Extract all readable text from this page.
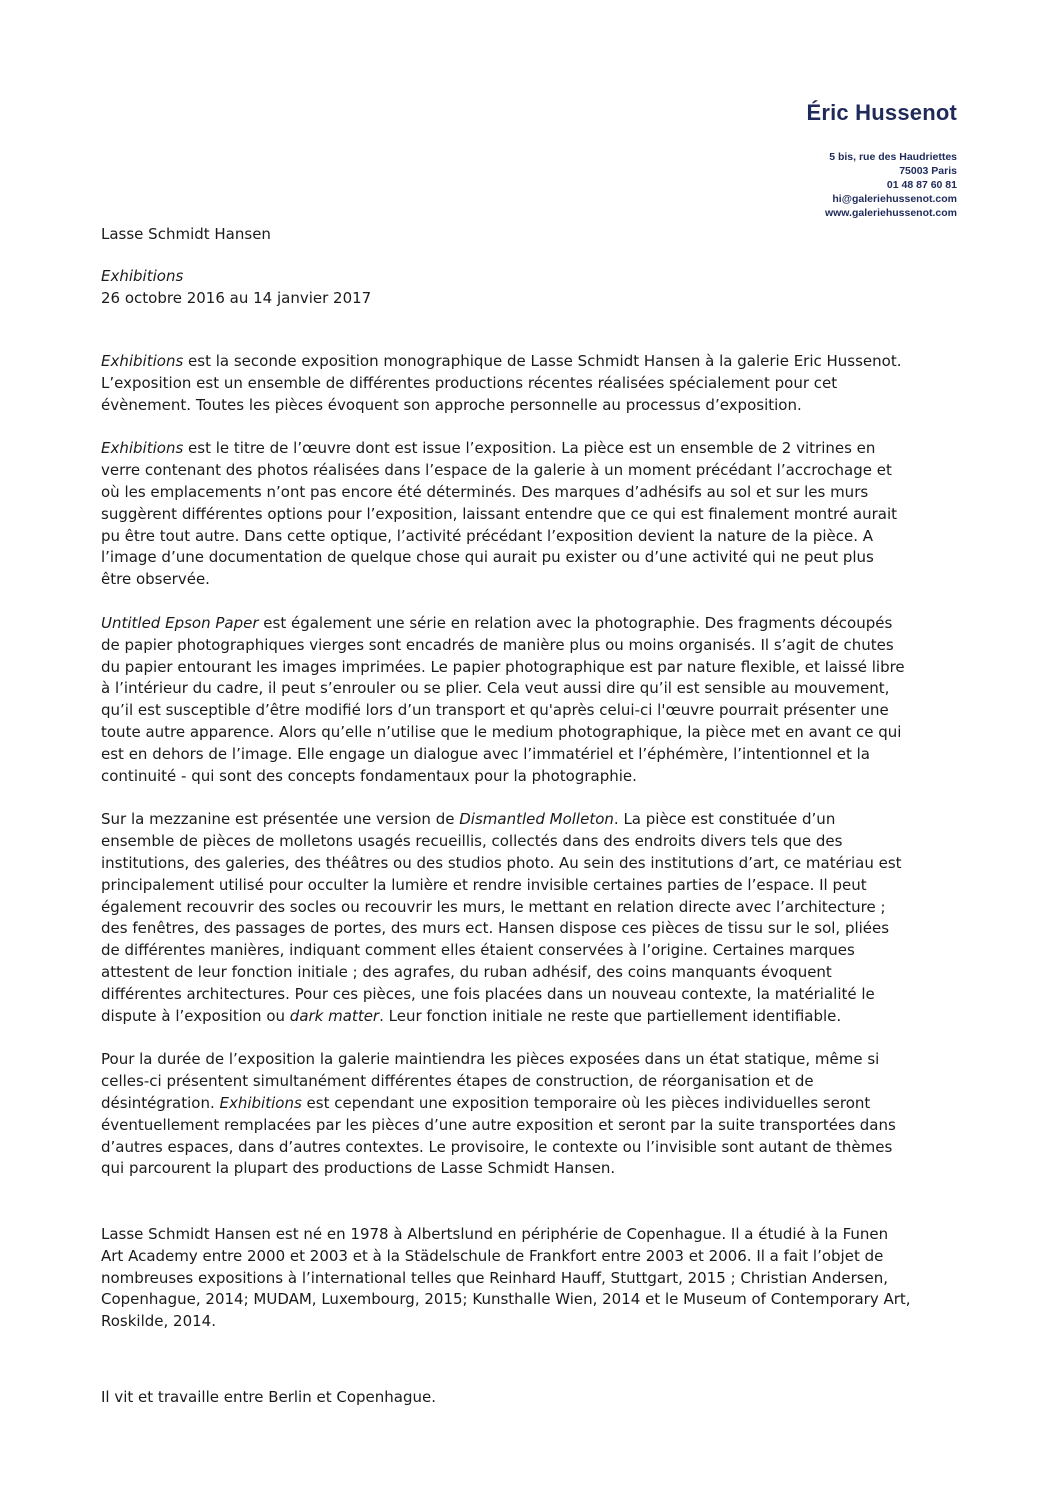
Éric Hussenot
5 bis, rue des Haudriettes
75003 Paris
01 48 87 60 81
hi@galeriehussenot.com
www.galeriehussenot.com
Lasse Schmidt Hansen
Exhibitions
26 octobre 2016 au 14 janvier 2017

Exhibitions est la seconde exposition monographique de Lasse Schmidt Hansen à la galerie Eric Hussenot.
L’exposition est un ensemble de différentes productions récentes réalisées spécialement pour cet
évènement. Toutes les pièces évoquent son approche personnelle au processus d’exposition.

Exhibitions est le titre de l’œuvre dont est issue l’exposition. La pièce est un ensemble de 2 vitrines en
verre contenant des photos réalisées dans l’espace de la galerie à un moment précédant l’accrochage et
où les emplacements n’ont pas encore été déterminés. Des marques d’adhésifs au sol et sur les murs
suggèrent différentes options pour l’exposition, laissant entendre que ce qui est finalement montré aurait
pu être tout autre. Dans cette optique, l’activité précédant l’exposition devient la nature de la pièce. A
l’image d’une documentation de quelque chose qui aurait pu exister ou d’une activité qui ne peut plus
être observée.

Untitled Epson Paper est également une série en relation avec la photographie. Des fragments découpés
de papier photographiques vierges sont encadrés de manière plus ou moins organisés. Il s’agit de chutes
du papier entourant les images imprimées. Le papier photographique est par nature flexible, et laissé libre
à l’intérieur du cadre, il peut s’enrouler ou se plier. Cela veut aussi dire qu’il est sensible au mouvement,
qu’il est susceptible d’être modifié lors d’un transport et qu'après celui-ci l'œuvre pourrait présenter une
toute autre apparence. Alors qu’elle n’utilise que le medium photographique, la pièce met en avant ce qui
est en dehors de l’image. Elle engage un dialogue avec l’immatériel et l’éphémère, l’intentionnel et la
continuité - qui sont des concepts fondamentaux pour la photographie.

Sur la mezzanine est présentée une version de Dismantled Molleton. La pièce est constituée d’un
ensemble de pièces de molletons usagés recueillis, collectés dans des endroits divers tels que des
institutions, des galeries, des théâtres ou des studios photo. Au sein des institutions d’art, ce matériau est
principalement utilisé pour occulter la lumière et rendre invisible certaines parties de l’espace. Il peut
également recouvrir des socles ou recouvrir les murs, le mettant en relation directe avec l’architecture ;
des fenêtres, des passages de portes, des murs ect. Hansen dispose ces pièces de tissu sur le sol, pliées
de différentes manières, indiquant comment elles étaient conservées à l’origine. Certaines marques
attestent de leur fonction initiale ; des agrafes, du ruban adhésif, des coins manquants évoquent
différentes architectures. Pour ces pièces, une fois placées dans un nouveau contexte, la matérialité le
dispute à l’exposition ou dark matter. Leur fonction initiale ne reste que partiellement identifiable.

Pour la durée de l’exposition la galerie maintiendra les pièces exposées dans un état statique, même si
celles-ci présentent simultanément différentes étapes de construction, de réorganisation et de
désintégration. Exhibitions est cependant une exposition temporaire où les pièces individuelles seront
éventuellement remplacées par les pièces d’une autre exposition et seront par la suite transportées dans
d’autres espaces, dans d’autres contextes. Le provisoire, le contexte ou l’invisible sont autant de thèmes
qui parcourent la plupart des productions de Lasse Schmidt Hansen.

Lasse Schmidt Hansen est né en 1978 à Albertslund en périphérie de Copenhague. Il a étudié à la Funen
Art Academy entre 2000 et 2003 et à la Städelschule de Frankfort entre 2003 et 2006. Il a fait l’objet de
nombreuses expositions à l’international telles que Reinhard Hauff, Stuttgart, 2015 ; Christian Andersen,
Copenhague, 2014; MUDAM, Luxembourg, 2015; Kunsthalle Wien, 2014 et le Museum of Contemporary Art,
Roskilde, 2014.

Il vit et travaille entre Berlin et Copenhague.
